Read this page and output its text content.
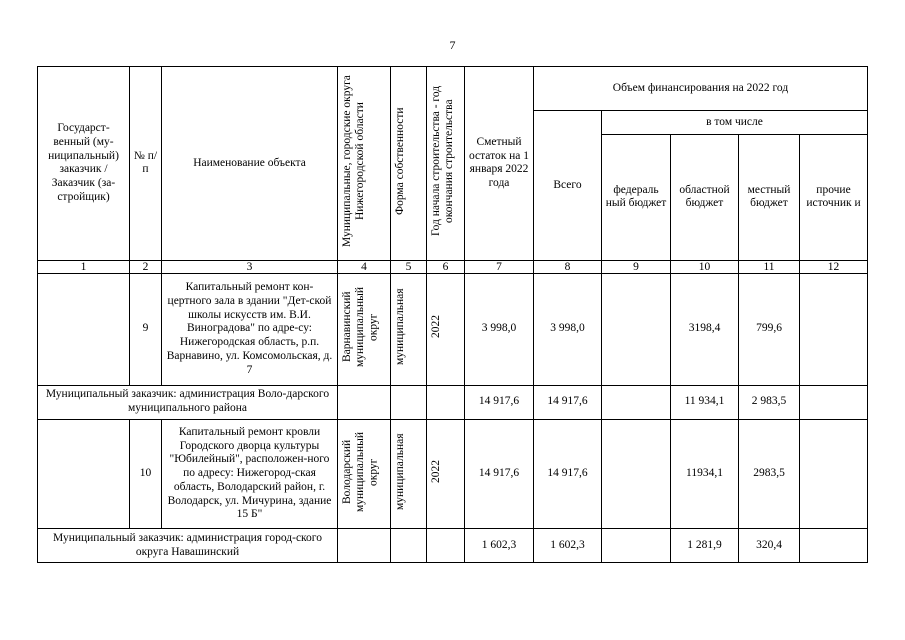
7
Государст-венный (му-ниципальный) заказчик / Заказчик (за-стройщик)	№ п/п	Наименование объекта	Муниципальные, городские округа Нижегородской области	Форма собственности	Год начала строительства - год окончания строительства	Сметный остаток на 1 января 2022 года	Объем финансирования на 2022 год				
							Всего	в том числе			
								федераль ный бюджет	областной бюджет	местный бюджет	прочие источник и
1	2	3	4	5	6	7	8	9	10	11	12
	9	Капитальный ремонт кон-цертного зала в здании "Дет-ской школы искусств им. В.И. Виноградова" по адре-су: Нижегородская область, р.п. Варнавино, ул. Комсомольская, д. 7	Варнавинский муниципальный округ	муниципальная	2022	3 998,0	3 998,0		3198,4	799,6	
Муниципальный заказчик: администрация Воло-дарского муниципального района						14 917,6	14 917,6		11 934,1	2 983,5	
	10	Капитальный ремонт кровли Городского дворца культуры "Юбилейный", расположен-ного по адресу: Нижегород-ская область, Володарский район, г. Володарск, ул. Мичурина, здание 15 Б"	Володарский муниципальный округ	муниципальная	2022	14 917,6	14 917,6		11934,1	2983,5	
Муниципальный заказчик: администрация город-ского округа Навашинский						1 602,3	1 602,3		1 281,9	320,4	
